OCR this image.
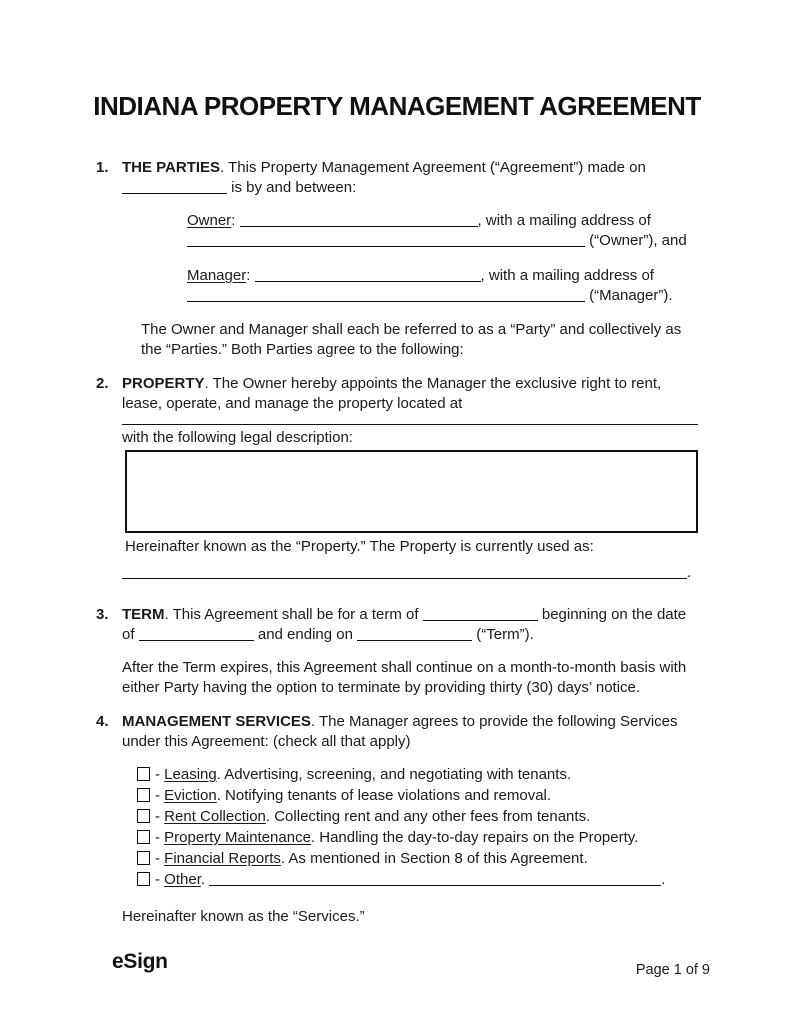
INDIANA PROPERTY MANAGEMENT AGREEMENT
1. THE PARTIES. This Property Management Agreement (“Agreement”) made on  is by and between:

Owner:	, with a mailing address of
(“Owner”), and

Manager:	, with a mailing address of
(“Manager”).

The Owner and Manager shall each be referred to as a “Party” and collectively as the “Parties.” Both Parties agree to the following:

2. PROPERTY. The Owner hereby appoints the Manager the exclusive right to rent, lease, operate, and manage the property located at

with the following legal description:

Hereinafter known as the “Property.” The Property is currently used as:

.
3. TERM. This Agreement shall be for a term of	beginning on the date of	and ending on	(“Term”).

After the Term expires, this Agreement shall continue on a month-to-month basis with either Party having the option to terminate by providing thirty (30) days’ notice.

4. MANAGEMENT SERVICES. The Manager agrees to provide the following Services under this Agreement: (check all that apply)

- Leasing. Advertising, screening, and negotiating with tenants.
- Eviction. Notifying tenants of lease violations and removal.
- Rent Collection. Collecting rent and any other fees from tenants.
- Property Maintenance. Handling the day-to-day repairs on the Property.
- Financial Reports. As mentioned in Section 8 of this Agreement.
- Other.	.

Hereinafter known as the “Services.”

eSign	Page 1 of 9
